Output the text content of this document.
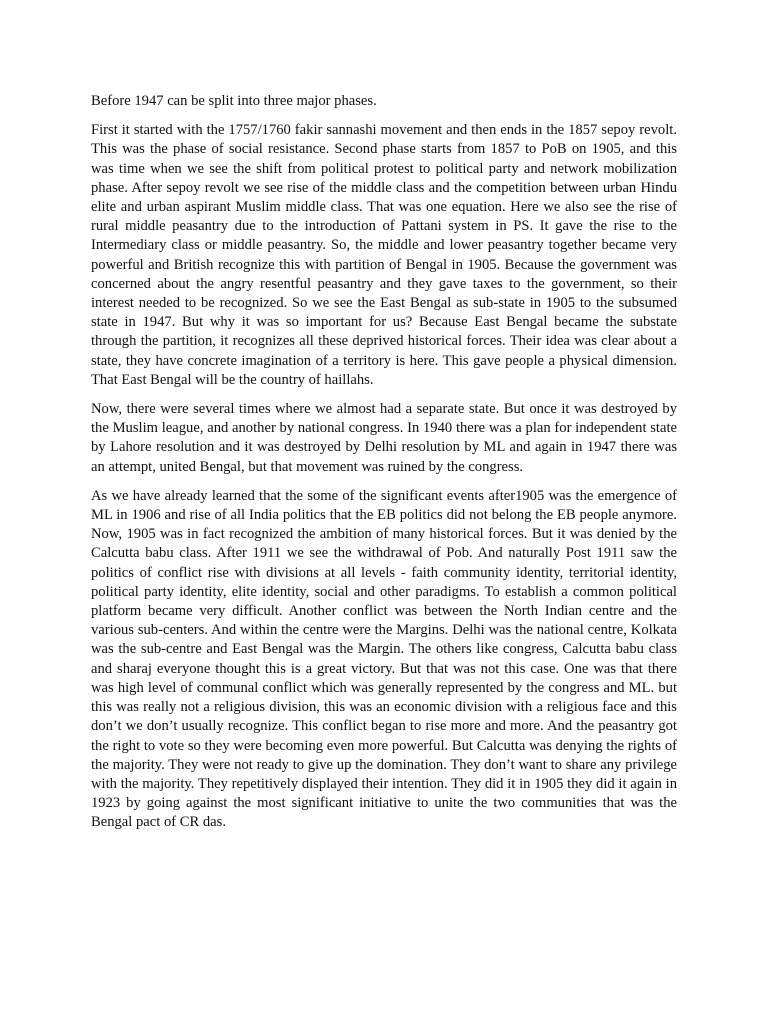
Before 1947 can be split into three major phases.

First it started with the 1757/1760 fakir sannashi movement and then ends in the 1857 sepoy revolt. This was the phase of social resistance. Second phase starts from 1857 to PoB on 1905, and this was time when we see the shift from political protest to political party and network mobilization phase. After sepoy revolt we see rise of the middle class and the competition between urban Hindu elite and urban aspirant Muslim middle class. That was one equation. Here we also see the rise of rural middle peasantry due to the introduction of Pattani system in PS. It gave the rise to the Intermediary class or middle peasantry. So, the middle and lower peasantry together became very powerful and British recognize this with partition of Bengal in 1905. Because the government was concerned about the angry resentful peasantry and they gave taxes to the government, so their interest needed to be recognized. So we see the East Bengal as sub-state in 1905 to the subsumed state in 1947. But why it was so important for us? Because East Bengal became the substate through the partition, it recognizes all these deprived historical forces. Their idea was clear about a state, they have concrete imagination of a territory is here. This gave people a physical dimension. That East Bengal will be the country of haillahs.

Now, there were several times where we almost had a separate state. But once it was destroyed by the Muslim league, and another by national congress. In 1940 there was a plan for independent state by Lahore resolution and it was destroyed by Delhi resolution by ML and again in 1947 there was an attempt, united Bengal, but that movement was ruined by the congress.

As we have already learned that the some of the significant events after1905 was the emergence of ML in 1906 and rise of all India politics that the EB politics did not belong the EB people anymore. Now, 1905 was in fact recognized the ambition of many historical forces. But it was denied by the Calcutta babu class. After 1911 we see the withdrawal of Pob. And naturally Post 1911 saw the politics of conflict rise with divisions at all levels - faith community identity, territorial identity, political party identity, elite identity, social and other paradigms. To establish a common political platform became very difficult. Another conflict was between the North Indian centre and the various sub-centers. And within the centre were the Margins. Delhi was the national centre, Kolkata was the sub-centre and East Bengal was the Margin. The others like congress, Calcutta babu class and sharaj everyone thought this is a great victory. But that was not this case. One was that there was high level of communal conflict which was generally represented by the congress and ML. but this was really not a religious division, this was an economic division with a religious face and this don’t we don’t usually recognize. This conflict began to rise more and more. And the peasantry got the right to vote so they were becoming even more powerful. But Calcutta was denying the rights of the majority. They were not ready to give up the domination. They don’t want to share any privilege with the majority. They repetitively displayed their intention. They did it in 1905 they did it again in 1923 by going against the most significant initiative to unite the two communities that was the Bengal pact of CR das.
